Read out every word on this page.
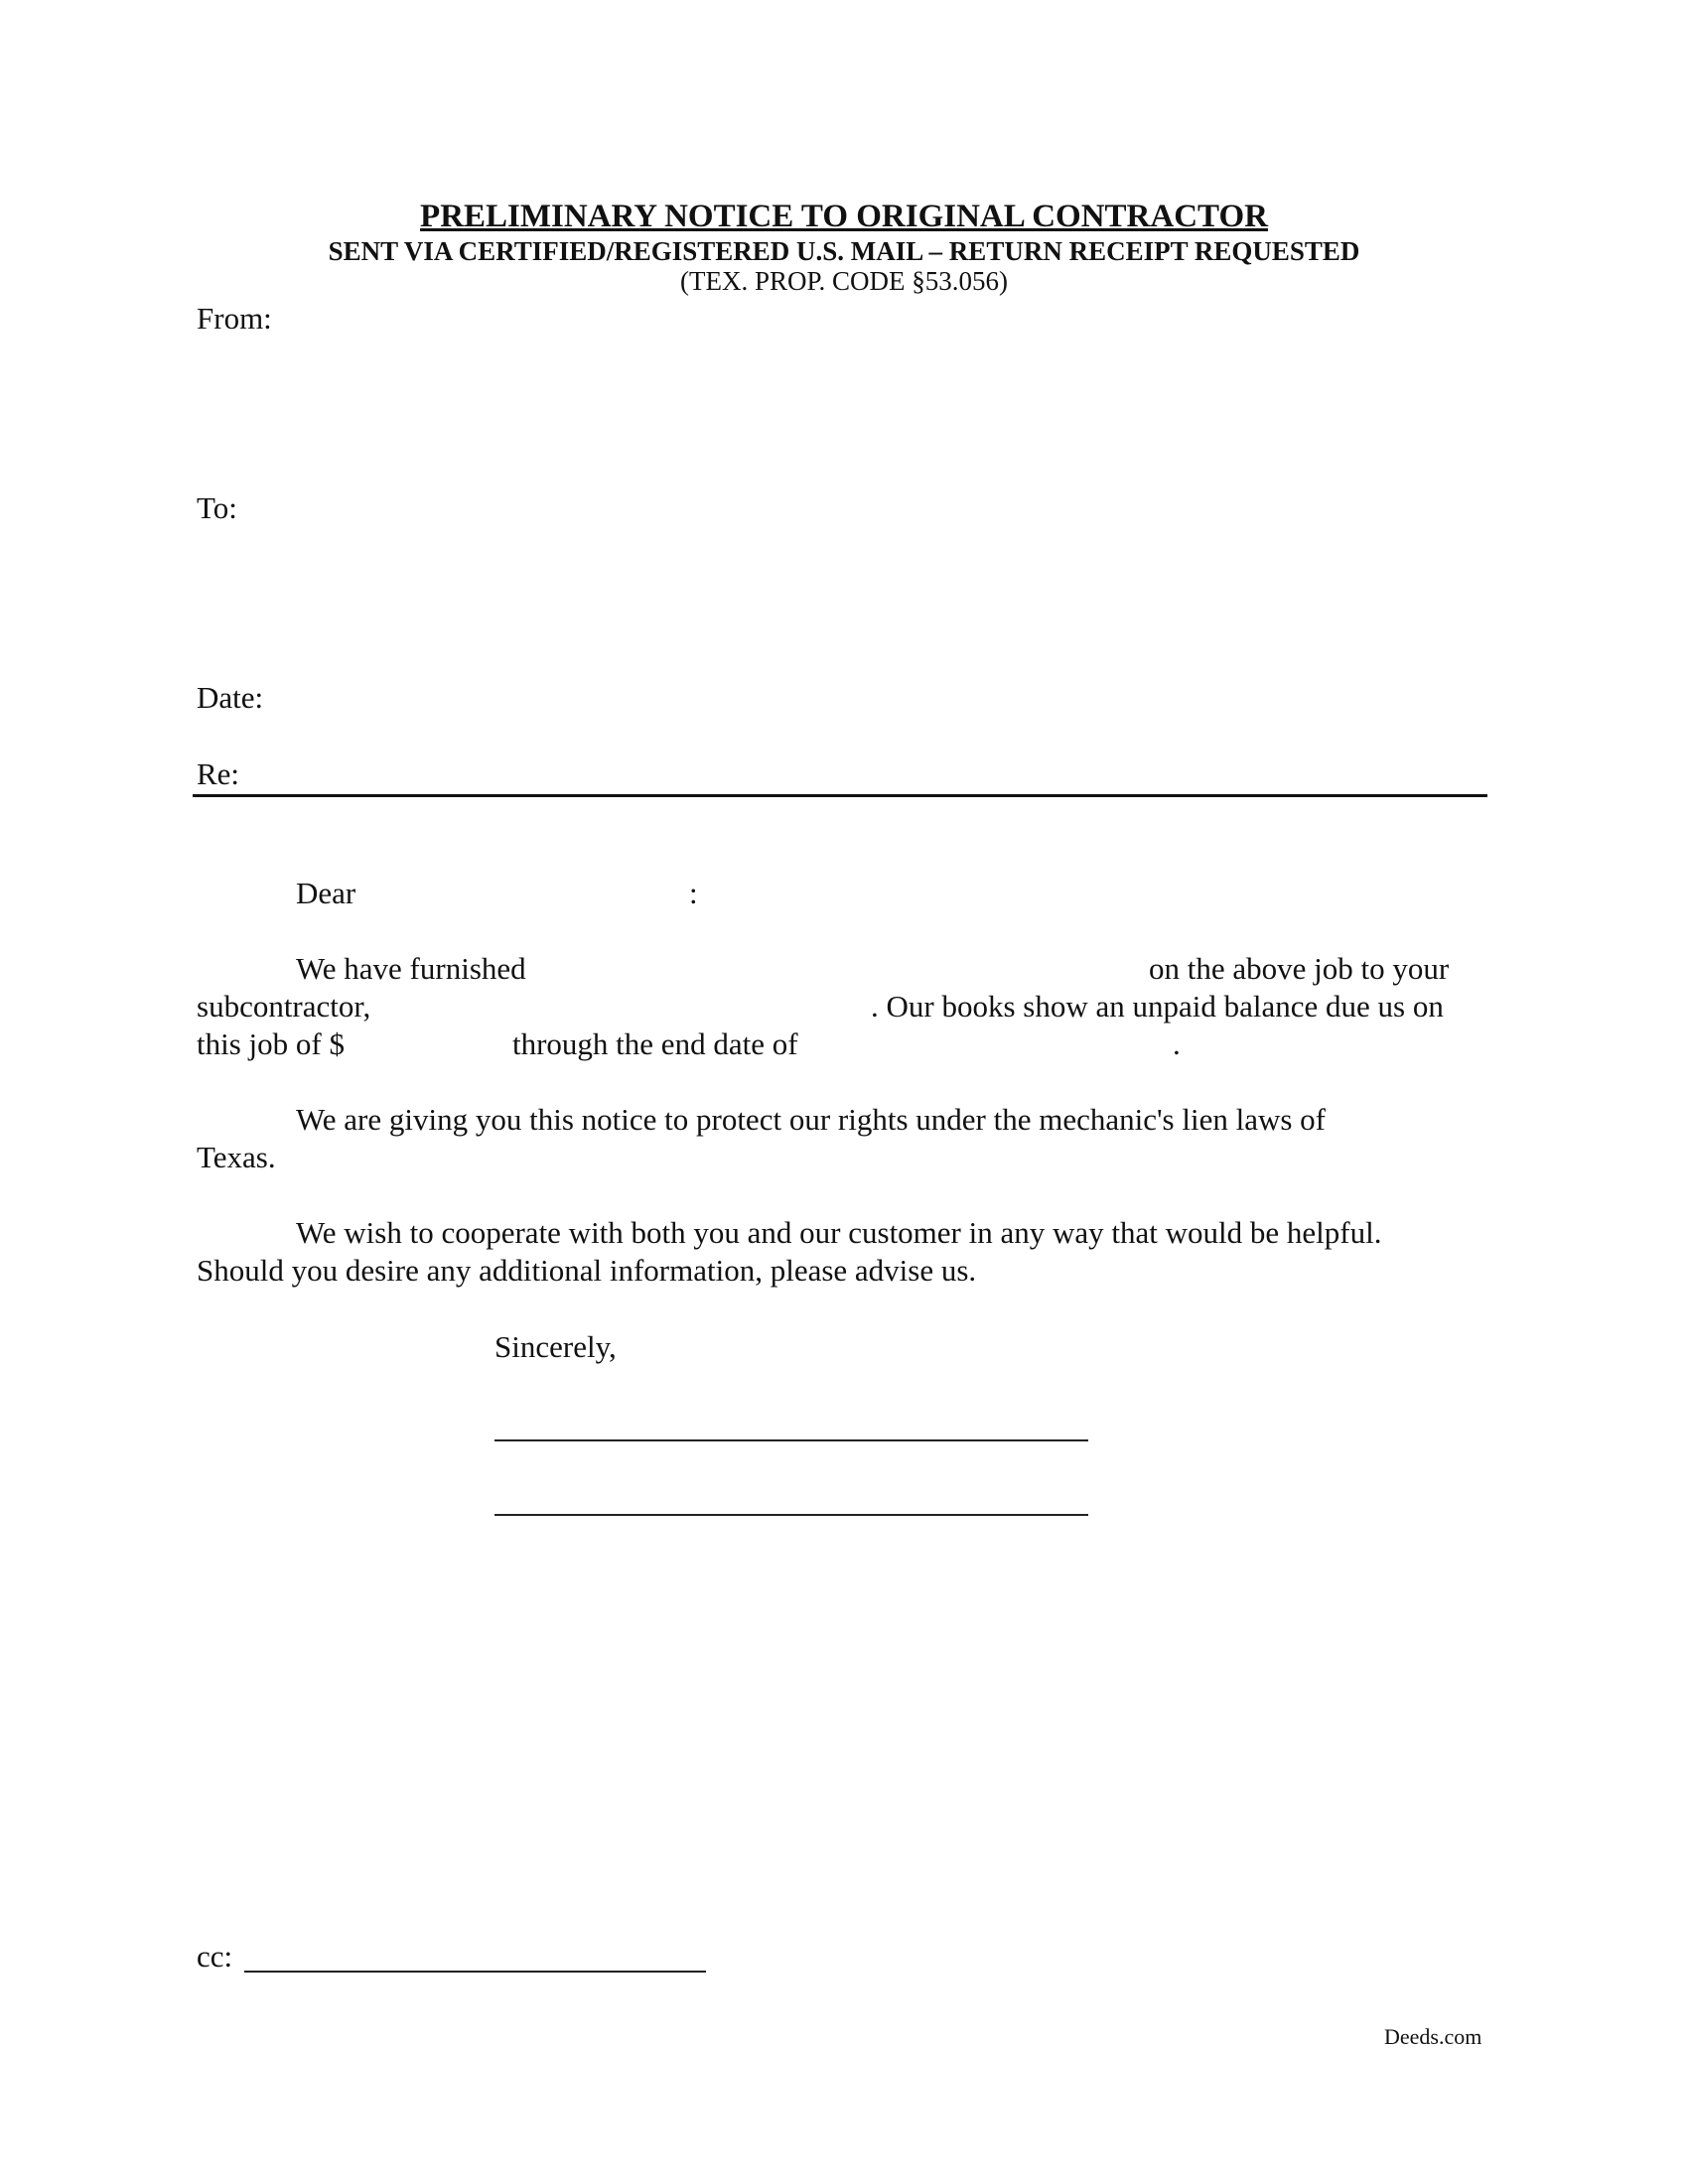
PRELIMINARY NOTICE TO ORIGINAL CONTRACTOR
SENT VIA CERTIFIED/REGISTERED U.S. MAIL – RETURN RECEIPT REQUESTED
(TEX. PROP. CODE §53.056)
From:
To:
Date:
Re:
Dear	:
We have furnished	on the above job to your
subcontractor,	. Our books show an unpaid balance due us on
this job of $	through the end date of	.
We are giving you this notice to protect our rights under the mechanic's lien laws of
Texas.
We wish to cooperate with both you and our customer in any way that would be helpful.
Should you desire any additional information, please advise us.
Sincerely,
cc:
Deeds.com
